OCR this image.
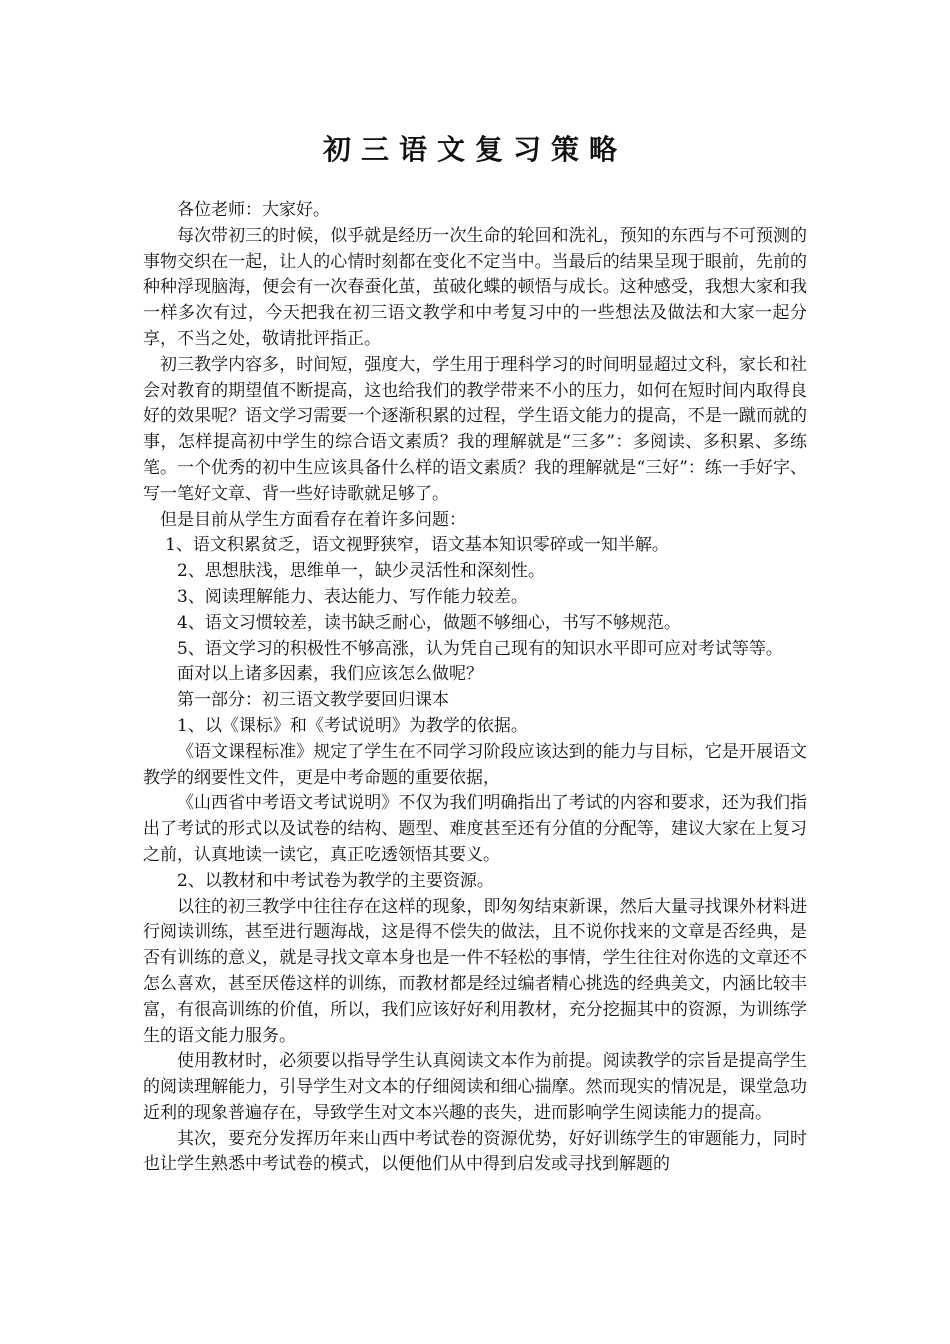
初三语文复习策略

各位老师：大家好。

每次带初三的时候，似乎就是经历一次生命的轮回和洗礼，预知的东西与不可预测的事物交织在一起，让人的心情时刻都在变化不定当中。当最后的结果呈现于眼前，先前的种种浮现脑海，便会有一次春蚕化茧，茧破化蝶的顿悟与成长。这种感受，我想大家和我一样多次有过，今天把我在初三语文教学和中考复习中的一些想法及做法和大家一起分享，不当之处，敬请批评指正。

初三教学内容多，时间短，强度大，学生用于理科学习的时间明显超过文科，家长和社会对教育的期望值不断提高，这也给我们的教学带来不小的压力，如何在短时间内取得良好的效果呢？语文学习需要一个逐渐积累的过程，学生语文能力的提高，不是一蹴而就的事，怎样提高初中学生的综合语文素质？我的理解就是“三多”：多阅读、多积累、多练笔。一个优秀的初中生应该具备什么样的语文素质？我的理解就是“三好”：练一手好字、写一笔好文章、背一些好诗歌就足够了。

但是目前从学生方面看存在着许多问题：

1、语文积累贫乏，语文视野狭窄，语文基本知识零碎或一知半解。

2、思想肤浅，思维单一，缺少灵活性和深刻性。

3、阅读理解能力、表达能力、写作能力较差。

4、语文习惯较差，读书缺乏耐心，做题不够细心，书写不够规范。

5、语文学习的积极性不够高涨，认为凭自己现有的知识水平即可应对考试等等。

面对以上诸多因素，我们应该怎么做呢？

第一部分：初三语文教学要回归课本

1、以《课标》和《考试说明》为教学的依据。

《语文课程标准》规定了学生在不同学习阶段应该达到的能力与目标，它是开展语文教学的纲要性文件，更是中考命题的重要依据，

《山西省中考语文考试说明》不仅为我们明确指出了考试的内容和要求，还为我们指出了考试的形式以及试卷的结构、题型、难度甚至还有分值的分配等，建议大家在上复习之前，认真地读一读它，真正吃透领悟其要义。

2、以教材和中考试卷为教学的主要资源。

以往的初三教学中往往存在这样的现象，即匆匆结束新课，然后大量寻找课外材料进行阅读训练，甚至进行题海战，这是得不偿失的做法，且不说你找来的文章是否经典，是否有训练的意义，就是寻找文章本身也是一件不轻松的事情，学生往往对你选的文章还不怎么喜欢，甚至厌倦这样的训练，而教材都是经过编者精心挑选的经典美文，内涵比较丰富，有很高训练的价值，所以，我们应该好好利用教材，充分挖掘其中的资源，为训练学生的语文能力服务。

使用教材时，必须要以指导学生认真阅读文本作为前提。阅读教学的宗旨是提高学生的阅读理解能力，引导学生对文本的仔细阅读和细心揣摩。然而现实的情况是，课堂急功近利的现象普遍存在，导致学生对文本兴趣的丧失，进而影响学生阅读能力的提高。

其次，要充分发挥历年来山西中考试卷的资源优势，好好训练学生的审题能力，同时也让学生熟悉中考试卷的模式，以便他们从中得到启发或寻找到解题的
